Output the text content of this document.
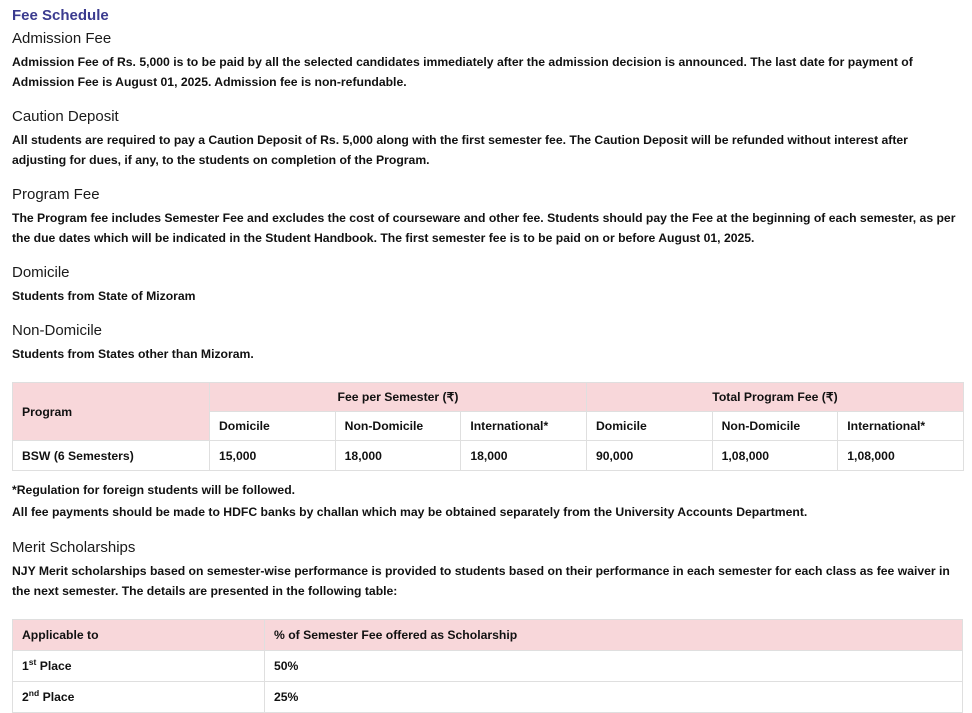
Fee Schedule
Admission Fee

Admission Fee of Rs. 5,000 is to be paid by all the selected candidates immediately after the admission decision is announced. The last date for payment of Admission Fee is August 01, 2025. Admission fee is non-refundable.

Caution Deposit

All students are required to pay a Caution Deposit of Rs. 5,000 along with the first semester fee. The Caution Deposit will be refunded without interest after adjusting for dues, if any, to the students on completion of the Program.

Program Fee

The Program fee includes Semester Fee and excludes the cost of courseware and other fee. Students should pay the Fee at the beginning of each semester, as per the due dates which will be indicated in the Student Handbook. The first semester fee is to be paid on or before August 01, 2025.

Domicile

Students from State of Mizoram

Non-Domicile

Students from States other than Mizoram.

Program	Fee per Semester (₹)			Total Program Fee (₹)		
	Domicile	Non-Domicile	International*	Domicile	Non-Domicile	International*
BSW (6 Semesters)	15,000	18,000	18,000	90,000	1,08,000	1,08,000

*Regulation for foreign students will be followed.

All fee payments should be made to HDFC banks by challan which may be obtained separately from the University Accounts Department.

Merit Scholarships

NJY Merit scholarships based on semester-wise performance is provided to students based on their performance in each semester for each class as fee waiver in the next semester. The details are presented in the following table:

Applicable to	% of Semester Fee offered as Scholarship
1st Place	50%
2nd Place	25%
